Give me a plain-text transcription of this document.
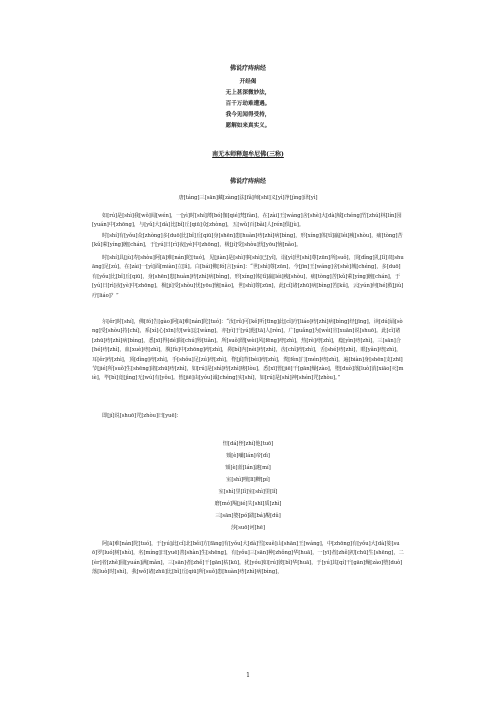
佛说疗痔病经
开经偈
无上甚深微妙法，
百千万劫难遭遇。
我今见闻得受持，
愿解如来真实义。
南无本师释迦牟尼佛(三称)
佛说疗痔病经
唐[táng]三[sān]藏[zàng]法[fǎ]师[shī]义[yì]净[jìng]译[yì]
如[rú]是[shì]我[wǒ]闻[wén]，一[yì]时[shí]薄[bó]伽[qié]梵[fàn]，在[zài]王[wáng]舍[shè]大[dà]城[chéng]竹[zhú]林[lín]园[yuán]中[zhōng]，与[yǔ]大[dà]比[bǐ]丘[qiū]众[zhòng]，五[wǔ]百[bǎi]人[rén]俱[jù]。
时[shí]有[yǒu]众[zhòng]多[duō]比[bǐ]丘[qiū]身[shēn]患[huàn]痔[zhì]病[bìng]，形[xíng]体[tǐ]羸[léi]瘦[shòu]，痛[tòng]苦[kǔ]萦[yíng]缠[chán]，于[yú]日[rì]夜[yè]中[zhōng]，极[jí]受[shòu]忧[yōu]恼[nǎo]。
时[shí]具[jù]寿[shòu]阿[ā]难[nán]陀[tuó]，见[jiàn]是[shì]事[shì]已[yǐ]，诣[yì]世[shì]尊[zūn]所[suǒ]，顶[dǐng]礼[lǐ]双[shuāng]足[zú]，在[zài]一[yì]面[miàn]立[lì]。白[bái]佛[fó]言[yán]：“世[shì]尊[zūn]，今[jīn]王[wáng]舍[shè]城[chéng]，多[duō]有[yǒu]比[bǐ]丘[qiū]，身[shēn]患[huàn]痔[zhì]病[bìng]，形[xíng]体[tǐ]羸[léi]瘦[shòu]，痛[tòng]苦[kǔ]萦[yíng]缠[chán]，于[yú]日[rì]夜[yè]中[zhōng]，极[jí]受[shòu]忧[yōu]恼[nǎo]，世[shì]尊[zūn]，此[cǐ]诸[zhū]病[bìng]苦[kǔ]，云[yún]何[hé]救[jiù]疗[liáo]？”
尔[ěr]时[shí]，佛[fó]告[gào]阿[ā]难[nán]陀[tuó]：“汝[rǔ]可[kě]听[tīng]此[cǐ]疗[liáo]痔[zhì]病[bìng]经[jīng]，读[dú]诵[sòng]受[shòu]持[chí]，系[xì]心[xīn]勿[wù]忘[wàng]，亦[yì]于[yú]他[tā]人[rén]，广[guǎng]为[wéi]宣[xuān]说[shuō]。此[cǐ]诸[zhū]痔[zhì]病[bìng]，悉[xī]得[dé]除[chú]殄[tiǎn]。所[suǒ]谓[wèi]风[fēng]痔[zhì]，热[rè]痔[zhì]，癊[yìn]痔[zhì]，三[sān]合[hé]痔[zhì]，血[xuè]痔[zhì]，腹[fù]中[zhōng]痔[zhì]，鼻[bí]内[nèi]痔[zhì]，齿[chǐ]痔[zhì]，舌[shé]痔[zhì]，眼[yǎn]痔[zhì]，耳[ěr]痔[zhì]，顶[dǐng]痔[zhì]，手[shǒu]足[zú]痔[zhì]，脊[jǐ]背[bèi]痔[zhì]，粪[fèn]门[mén]痔[zhì]，遍[biàn]身[shēn]支[zhī]节[jié]所[suǒ]生[shēng]诸[zhū]痔[zhì]，如[rú]是[shì]痔[zhì]瘘[lòu]，悉[xī]皆[jiē]干[gān]燥[zào]，堕[duò]落[luò]消[xiāo]灭[miè]，毕[bì]竟[jìng]无[wú]有[yǒu]。皆[jiē]由[yóu]诚[chéng]实[shí]，如[rú]是[shì]神[shén]咒[zhòu]。”
即[jí]说[shuō]咒[zhòu]曰[yuē]：
怛[dá]侄[zhí]他[tuō]
頞[è]囒[lán]帝[dì]
頞[è]蓝[lán]謎[mí]
室[shì]哩[lī]鞞[pí]
室[shì]里[lǐ]室[shì]里[lǐ]
磨[mó]羯[jié]失[shī]质[zhì]
三[sān]婆[pó]跋[bá]覩[dǔ]
莎[suō]诃[hē]
阿[ā]难[nán]陀[tuó]，于[yú]此[cǐ]北[běi]方[fāng]有[yǒu]大[dà]雪[xuě]山[shān]王[wáng]，中[zhōng]有[yǒu]大[dà]娑[suō]罗[luó]树[shù]，名[míng]曰[yuē]善[shàn]生[shēng]，有[yǒu]三[sān]种[zhǒng]华[huā]，一[yī]者[zhě]初[chū]生[shēng]，二[èr]者[zhě]圆[yuán]满[mǎn]，三[sān]者[zhě]干[gān]枯[kū]，犹[yóu]如[rú]彼[bǐ]华[huā]，于[yú]其[qí]干[gān]燥[zào]堕[duò]落[luò]时[shí]，我[wǒ]诸[zhū]比[bǐ]丘[qiū]所[suǒ]患[huàn]痔[zhì]病[bìng]，
1
